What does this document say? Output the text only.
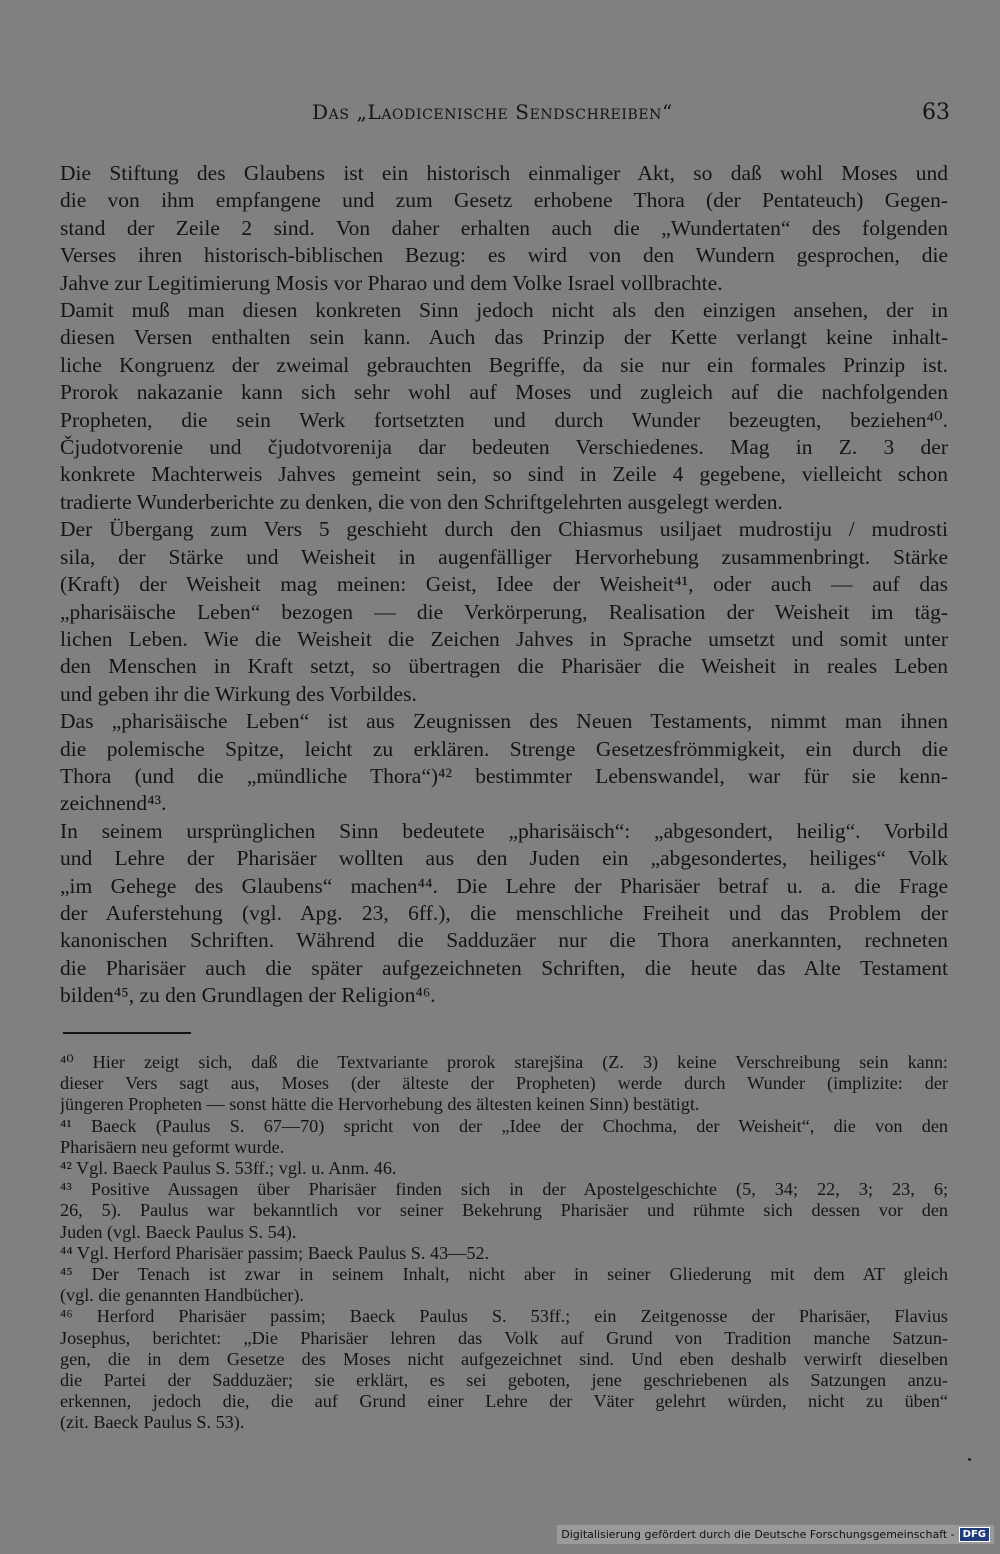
Das „Laodicenische Sendschreiben“	63
Die Stiftung des Glaubens ist ein historisch einmaliger Akt, so daß wohl Moses und
die von ihm empfangene und zum Gesetz erhobene Thora (der Pentateuch) Gegen-
stand der Zeile 2 sind. Von daher erhalten auch die „Wundertaten“ des folgenden
Verses ihren historisch-biblischen Bezug: es wird von den Wundern gesprochen, die
Jahve zur Legitimierung Mosis vor Pharao und dem Volke Israel vollbrachte.
Damit muß man diesen konkreten Sinn jedoch nicht als den einzigen ansehen, der in
diesen Versen enthalten sein kann. Auch das Prinzip der Kette verlangt keine inhalt-
liche Kongruenz der zweimal gebrauchten Begriffe, da sie nur ein formales Prinzip ist.
Prorok nakazanie kann sich sehr wohl auf Moses und zugleich auf die nachfolgenden
Propheten, die sein Werk fortsetzten und durch Wunder bezeugten, beziehen⁴⁰.
Čjudotvorenie und čjudotvorenija dar bedeuten Verschiedenes. Mag in Z. 3 der
konkrete Machterweis Jahves gemeint sein, so sind in Zeile 4 gegebene, vielleicht schon
tradierte Wunderberichte zu denken, die von den Schriftgelehrten ausgelegt werden.
Der Übergang zum Vers 5 geschieht durch den Chiasmus usiljaet mudrostiju / mudrosti
sila, der Stärke und Weisheit in augenfälliger Hervorhebung zusammenbringt. Stärke
(Kraft) der Weisheit mag meinen: Geist, Idee der Weisheit⁴¹, oder auch — auf das
„pharisäische Leben“ bezogen — die Verkörperung, Realisation der Weisheit im täg-
lichen Leben. Wie die Weisheit die Zeichen Jahves in Sprache umsetzt und somit unter
den Menschen in Kraft setzt, so übertragen die Pharisäer die Weisheit in reales Leben
und geben ihr die Wirkung des Vorbildes.
Das „pharisäische Leben“ ist aus Zeugnissen des Neuen Testaments, nimmt man ihnen
die polemische Spitze, leicht zu erklären. Strenge Gesetzesfrömmigkeit, ein durch die
Thora (und die „mündliche Thora“)⁴² bestimmter Lebenswandel, war für sie kenn-
zeichnend⁴³.
In seinem ursprünglichen Sinn bedeutete „pharisäisch“: „abgesondert, heilig“. Vorbild
und Lehre der Pharisäer wollten aus den Juden ein „abgesondertes, heiliges“ Volk
„im Gehege des Glaubens“ machen⁴⁴. Die Lehre der Pharisäer betraf u. a. die Frage
der Auferstehung (vgl. Apg. 23, 6ff.), die menschliche Freiheit und das Problem der
kanonischen Schriften. Während die Sadduzäer nur die Thora anerkannten, rechneten
die Pharisäer auch die später aufgezeichneten Schriften, die heute das Alte Testament
bilden⁴⁵, zu den Grundlagen der Religion⁴⁶.
⁴⁰ Hier zeigt sich, daß die Textvariante prorok starejšina (Z. 3) keine Verschreibung sein kann:
dieser Vers sagt aus, Moses (der älteste der Propheten) werde durch Wunder (implizite: der
jüngeren Propheten — sonst hätte die Hervorhebung des ältesten keinen Sinn) bestätigt.
⁴¹ Baeck (Paulus S. 67—70) spricht von der „Idee der Chochma, der Weisheit“, die von den
Pharisäern neu geformt wurde.
⁴² Vgl. Baeck Paulus S. 53ff.; vgl. u. Anm. 46.
⁴³ Positive Aussagen über Pharisäer finden sich in der Apostelgeschichte (5, 34; 22, 3; 23, 6;
26, 5). Paulus war bekanntlich vor seiner Bekehrung Pharisäer und rühmte sich dessen vor den
Juden (vgl. Baeck Paulus S. 54).
⁴⁴ Vgl. Herford Pharisäer passim; Baeck Paulus S. 43—52.
⁴⁵ Der Tenach ist zwar in seinem Inhalt, nicht aber in seiner Gliederung mit dem AT gleich
(vgl. die genannten Handbücher).
⁴⁶ Herford Pharisäer passim; Baeck Paulus S. 53ff.; ein Zeitgenosse der Pharisäer, Flavius
Josephus, berichtet: „Die Pharisäer lehren das Volk auf Grund von Tradition manche Satzun-
gen, die in dem Gesetze des Moses nicht aufgezeichnet sind. Und eben deshalb verwirft dieselben
die Partei der Sadduzäer; sie erklärt, es sei geboten, jene geschriebenen als Satzungen anzu-
erkennen, jedoch die, die auf Grund einer Lehre der Väter gelehrt würden, nicht zu üben“
(zit. Baeck Paulus S. 53).
Digitalisierung gefördert durch die Deutsche Forschungsgemeinschaft - DFG
